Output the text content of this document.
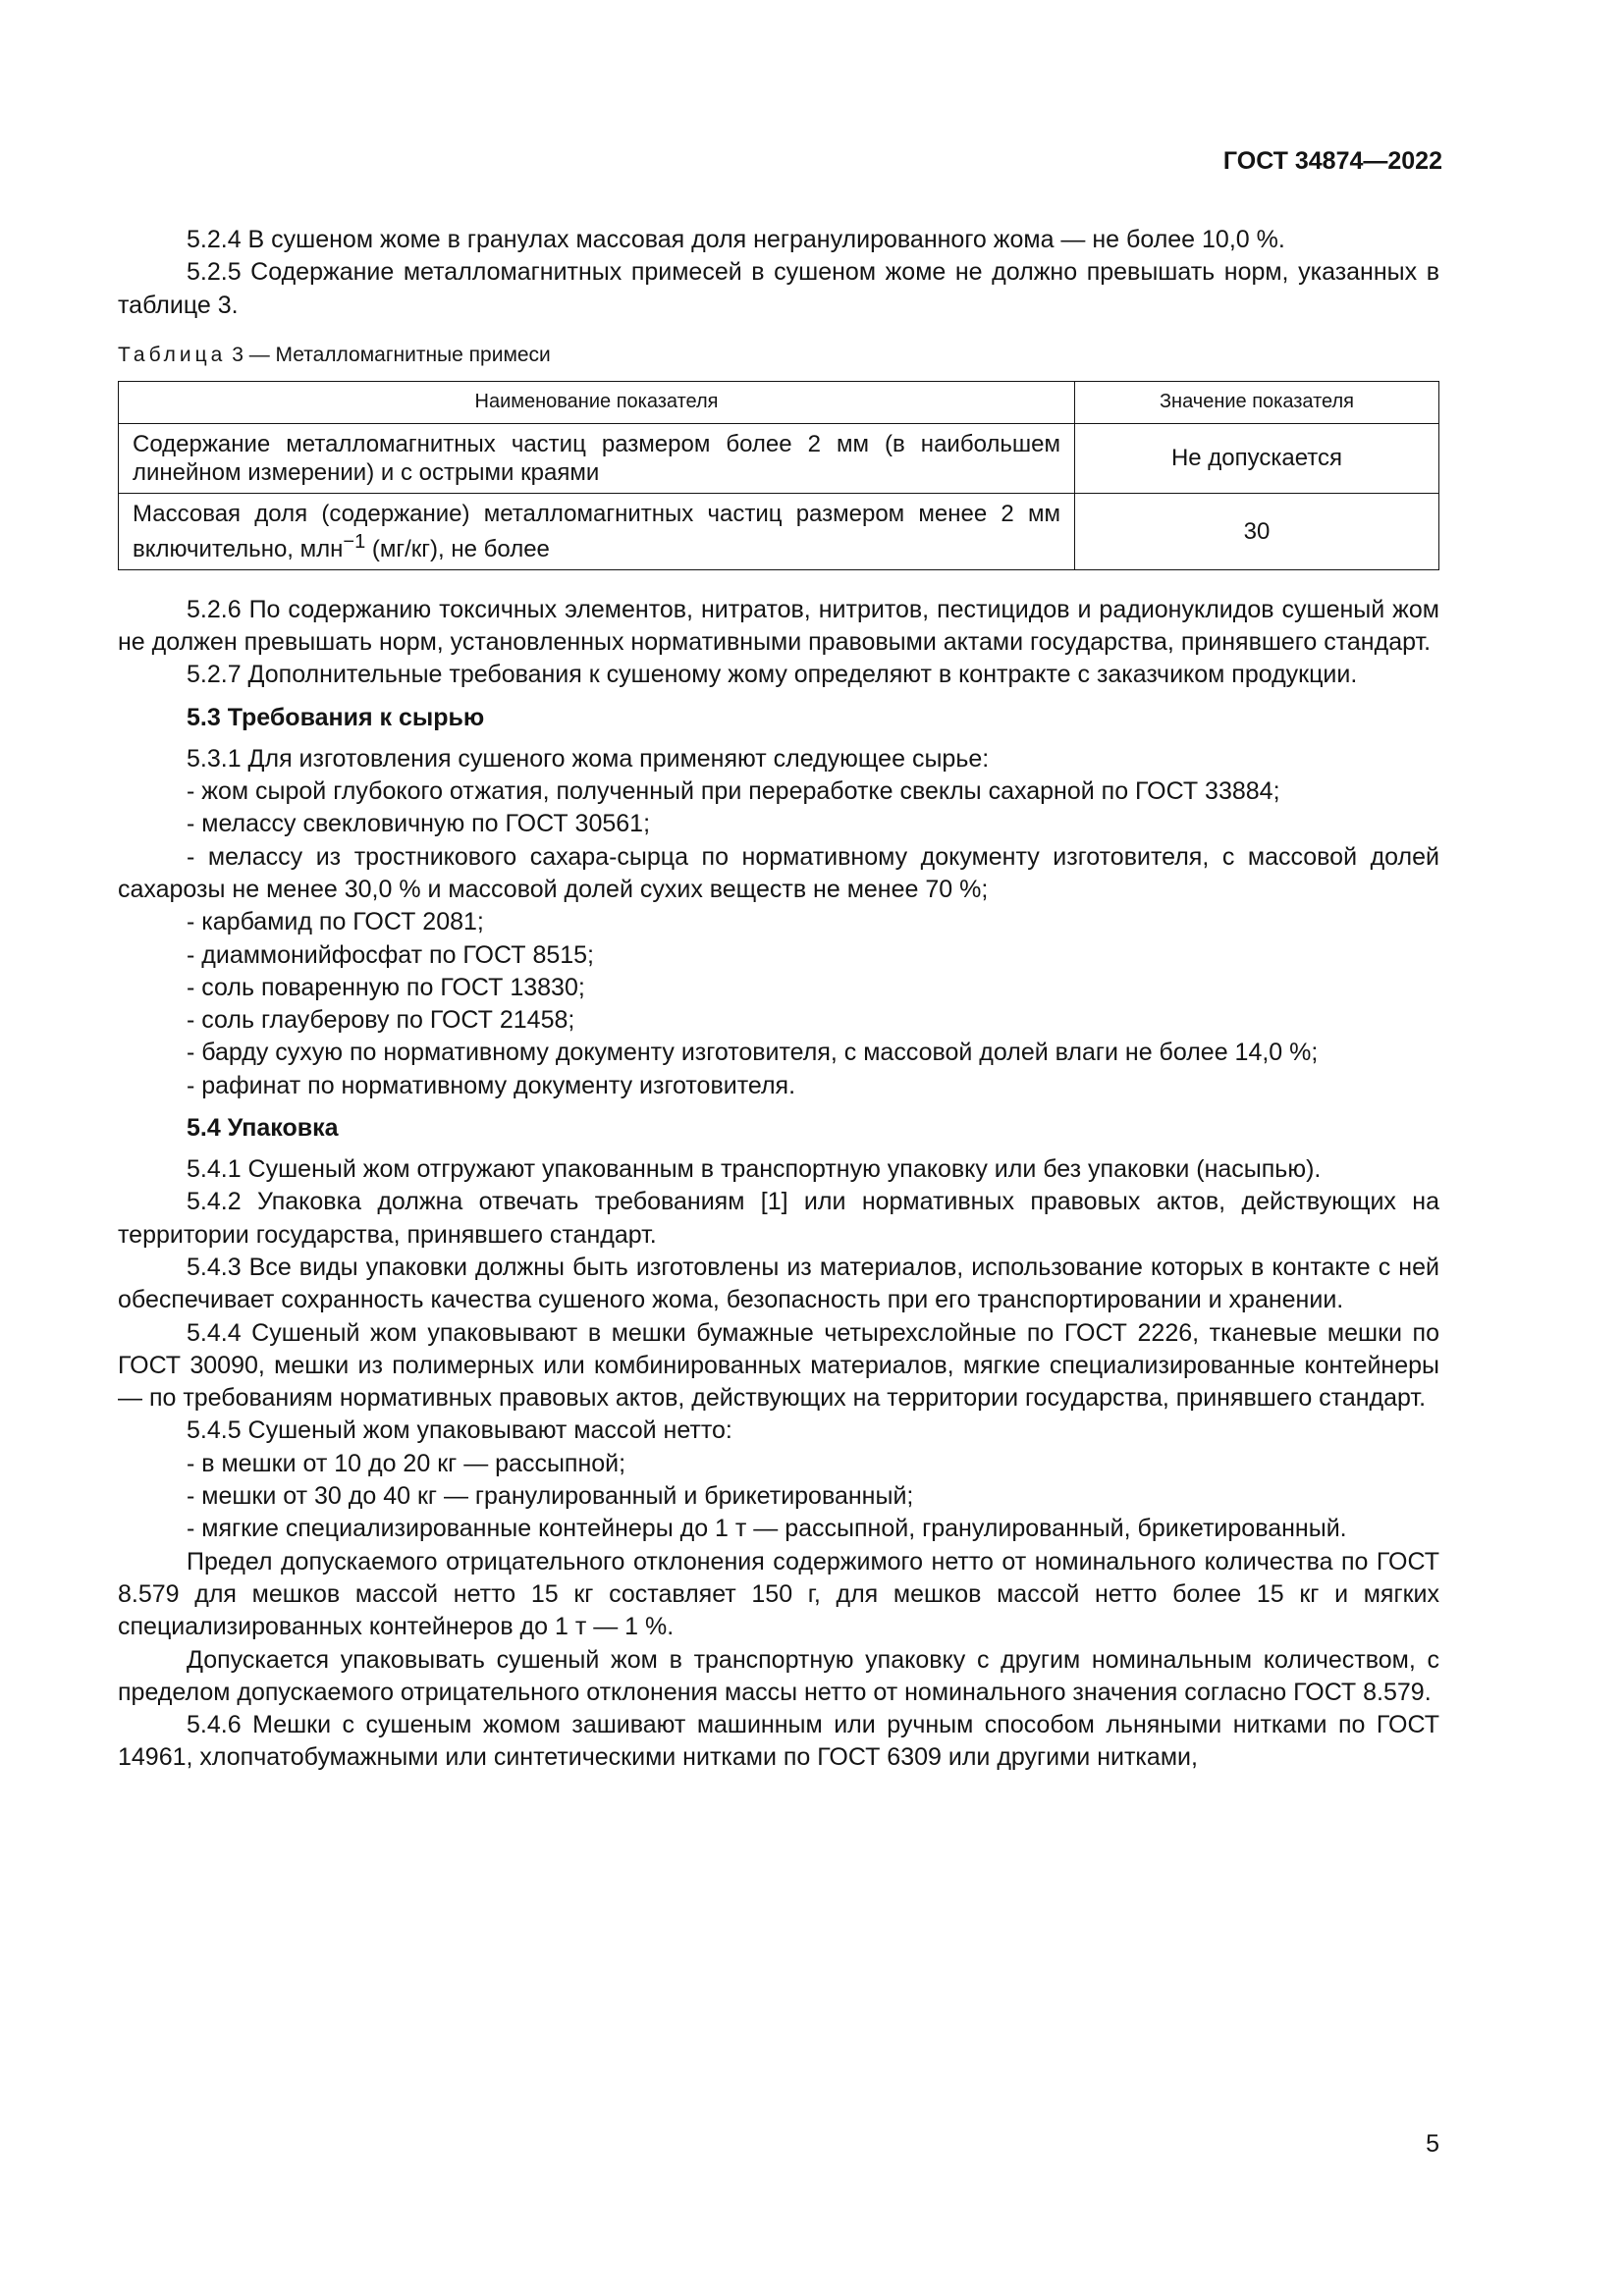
ГОСТ 34874—2022

5.2.4 В сушеном жоме в гранулах массовая доля негранулированного жома — не более 10,0 %.

5.2.5 Содержание металломагнитных примесей в сушеном жоме не должно превышать норм, указанных в таблице 3.

Таблица 3 — Металломагнитные примеси
Наименование показателя	Значение показателя
Содержание металломагнитных частиц размером более 2 мм (в наибольшем линейном измерении) и с острыми краями	Не допускается
Массовая доля (содержание) металломагнитных частиц размером менее 2 мм включительно, млн$^{-1}$ (мг/кг), не более	30

5.2.6 По содержанию токсичных элементов, нитратов, нитритов, пестицидов и радионуклидов сушеный жом не должен превышать норм, установленных нормативными правовыми актами государства, принявшего стандарт.

5.2.7 Дополнительные требования к сушеному жому определяют в контракте с заказчиком продукции.

5.3 Требования к сырью

5.3.1 Для изготовления сушеного жома применяют следующее сырье:

- жом сырой глубокого отжатия, полученный при переработке свеклы сахарной по ГОСТ 33884;

- мелассу свекловичную по ГОСТ 30561;

- мелассу из тростникового сахара-сырца по нормативному документу изготовителя, с массовой долей сахарозы не менее 30,0 % и массовой долей сухих веществ не менее 70 %;

- карбамид по ГОСТ 2081;

- диаммонийфосфат по ГОСТ 8515;

- соль поваренную по ГОСТ 13830;

- соль глауберову по ГОСТ 21458;

- барду сухую по нормативному документу изготовителя, с массовой долей влаги не более 14,0 %;

- рафинат по нормативному документу изготовителя.

5.4 Упаковка

5.4.1 Сушеный жом отгружают упакованным в транспортную упаковку или без упаковки (насыпью).

5.4.2 Упаковка должна отвечать требованиям [1] или нормативных правовых актов, действующих на территории государства, принявшего стандарт.

5.4.3 Все виды упаковки должны быть изготовлены из материалов, использование которых в контакте с ней обеспечивает сохранность качества сушеного жома, безопасность при его транспортировании и хранении.

5.4.4 Сушеный жом упаковывают в мешки бумажные четырехслойные по ГОСТ 2226, тканевые мешки по ГОСТ 30090, мешки из полимерных или комбинированных материалов, мягкие специализированные контейнеры — по требованиям нормативных правовых актов, действующих на территории государства, принявшего стандарт.

5.4.5 Сушеный жом упаковывают массой нетто:

- в мешки от 10 до 20 кг — рассыпной;

- мешки от 30 до 40 кг — гранулированный и брикетированный;

- мягкие специализированные контейнеры до 1 т — рассыпной, гранулированный, брикетированный.

Предел допускаемого отрицательного отклонения содержимого нетто от номинального количества по ГОСТ 8.579 для мешков массой нетто 15 кг составляет 150 г, для мешков массой нетто более 15 кг и мягких специализированных контейнеров до 1 т — 1 %.

Допускается упаковывать сушеный жом в транспортную упаковку с другим номинальным количеством, с пределом допускаемого отрицательного отклонения массы нетто от номинального значения согласно ГОСТ 8.579.

5.4.6 Мешки с сушеным жомом зашивают машинным или ручным способом льняными нитками по ГОСТ 14961, хлопчатобумажными или синтетическими нитками по ГОСТ 6309 или другими нитками,

5
